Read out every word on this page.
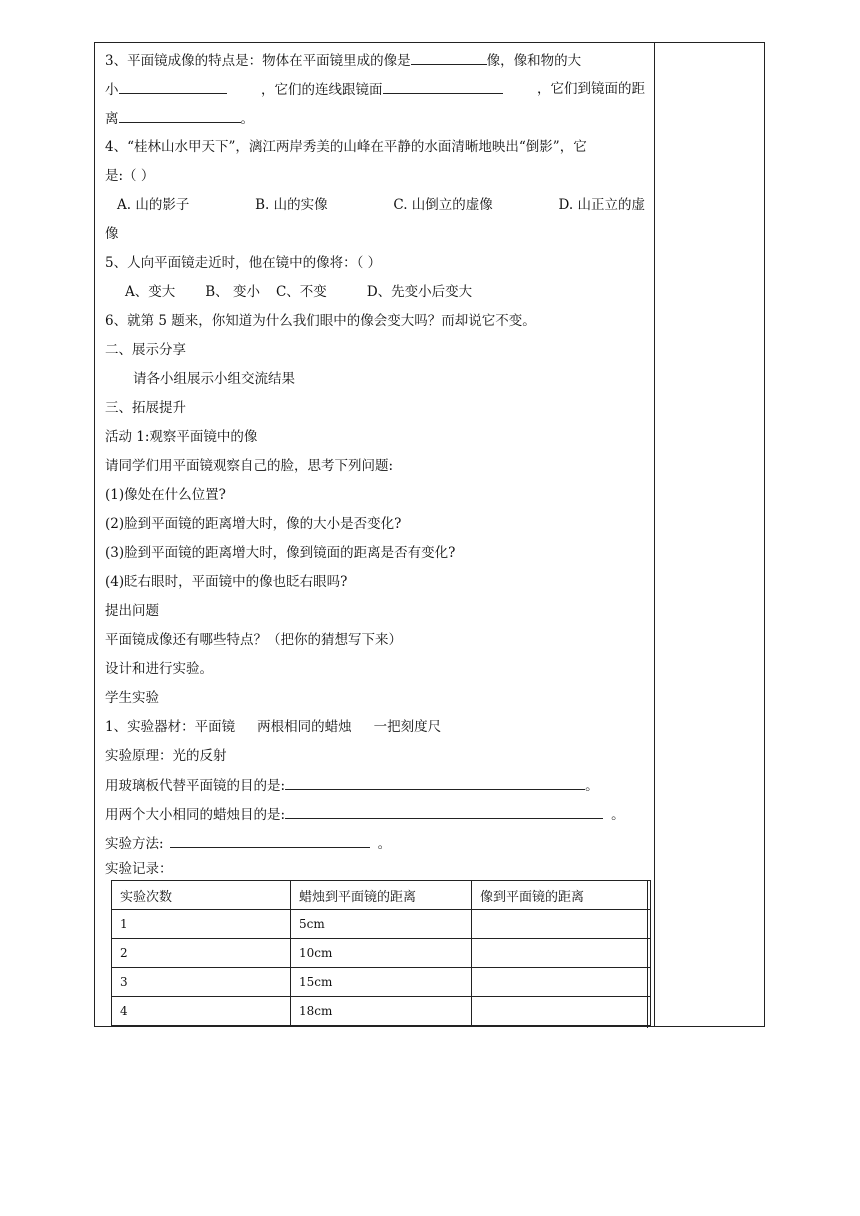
3、平面镜成像的特点是：物体在平面镜里成的像是	像，像和物的大
小	，它们的连线跟镜面	，它们到镜面的距
离	。
4、“桂林山水甲天下”，漓江两岸秀美的山峰在平静的水面清晰地映出“倒影”，它
是:（ ）
A. 山的影子	B. 山的实像	C. 山倒立的虚像	D. 山正立的虚
像
5、人向平面镜走近时，他在镜中的像将：（ ）
A、变大 B、 变小 C、不变	D、先变小后变大
6、就第 5 题来，你知道为什么我们眼中的像会变大吗？而却说它不变。
二、展示分享
请各小组展示小组交流结果
三、拓展提升
活动 1:观察平面镜中的像
请同学们用平面镜观察自己的脸，思考下列问题:
(1)像处在什么位置?
(2)脸到平面镜的距离增大时，像的大小是否变化?
(3)脸到平面镜的距离增大时，像到镜面的距离是否有变化?
(4)眨右眼时，平面镜中的像也眨右眼吗?
提出问题
平面镜成像还有哪些特点？（把你的猜想写下来）
设计和进行实验。
学生实验
1、实验器材：平面镜 两根相同的蜡烛 一把刻度尺
实验原理：光的反射
用玻璃板代替平面镜的目的是:	。
用两个大小相同的蜡烛目的是:	。
实验方法:	。
实验记录：
实验次数	蜡烛到平面镜的距离	像到平面镜的距离
1	5cm	
2	10cm	
3	15cm	
4	18cm	
